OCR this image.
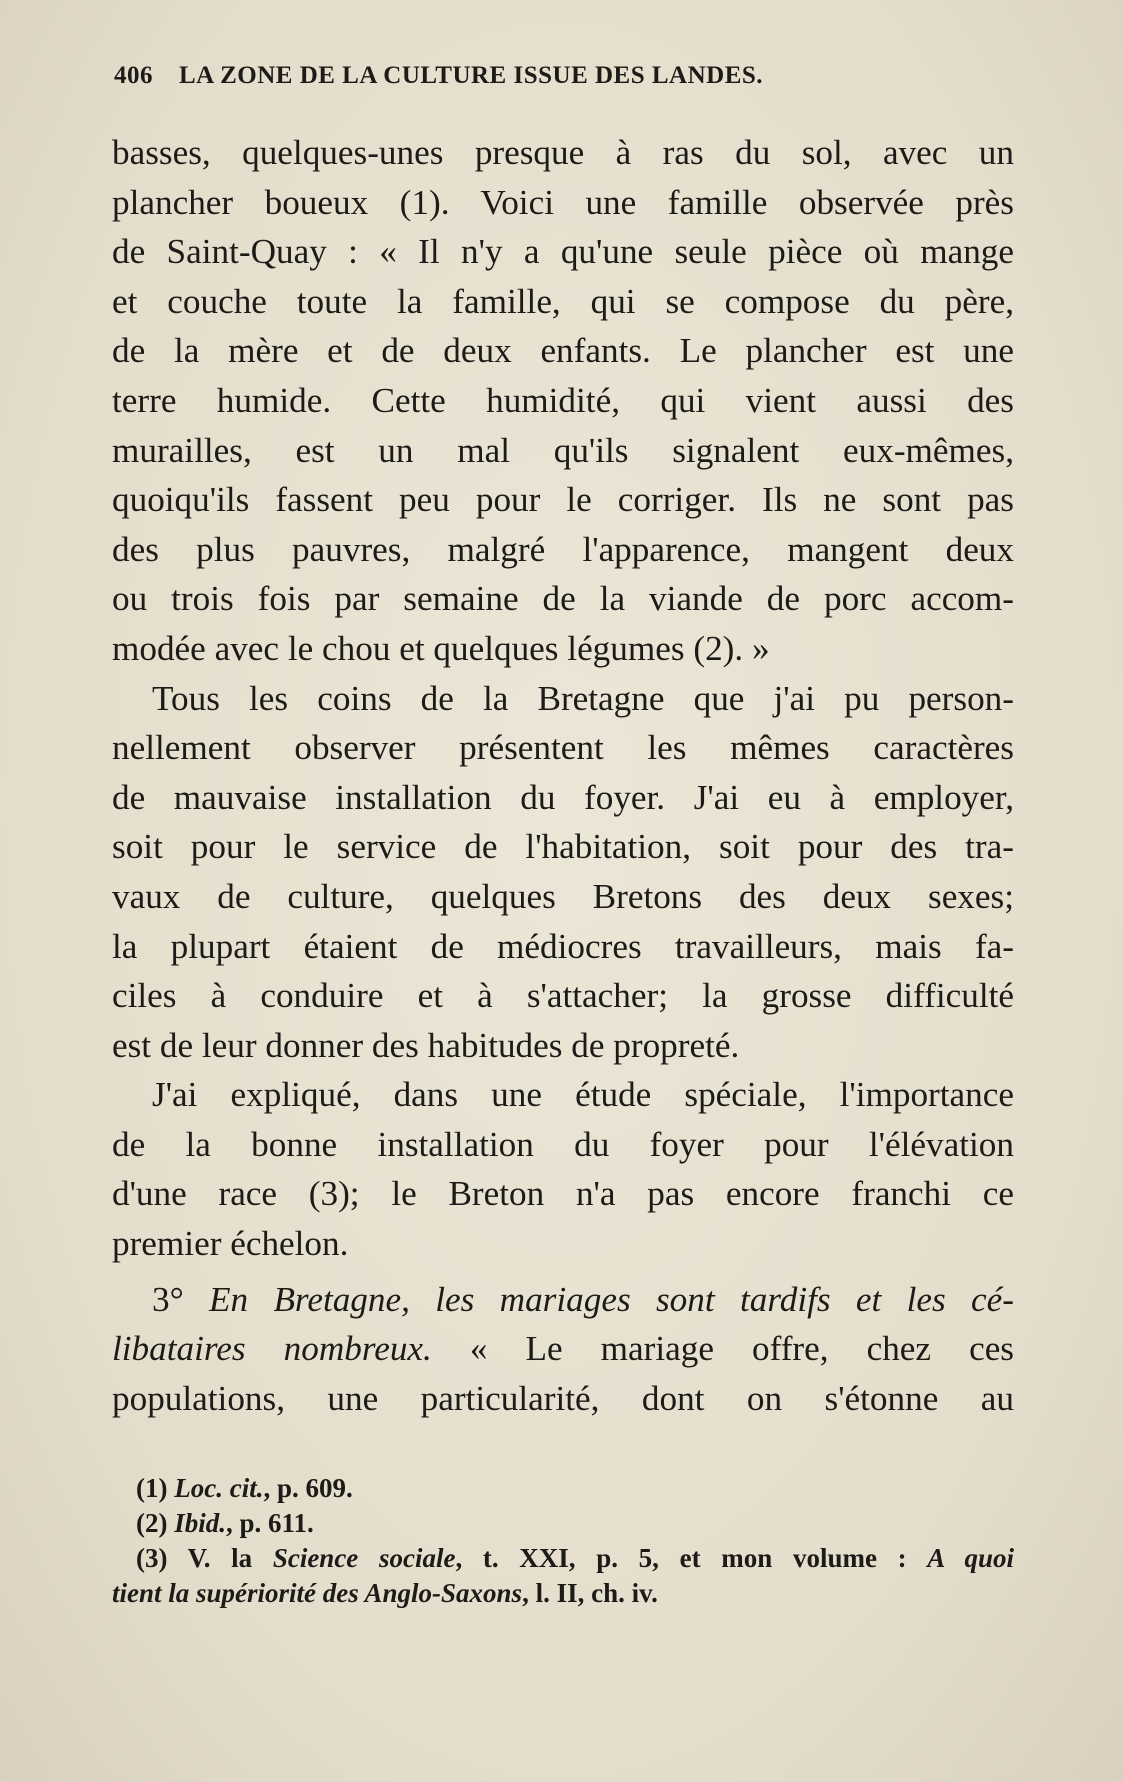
406 LA ZONE DE LA CULTURE ISSUE DES LANDES.
basses, quelques-unes presque à ras du sol, avec un
plancher boueux (1). Voici une famille observée près
de Saint-Quay : « Il n'y a qu'une seule pièce où mange
et couche toute la famille, qui se compose du père,
de la mère et de deux enfants. Le plancher est une
terre humide. Cette humidité, qui vient aussi des
murailles, est un mal qu'ils signalent eux-mêmes,
quoiqu'ils fassent peu pour le corriger. Ils ne sont pas
des plus pauvres, malgré l'apparence, mangent deux
ou trois fois par semaine de la viande de porc accom-
modée avec le chou et quelques légumes (2). »
Tous les coins de la Bretagne que j'ai pu person-
nellement observer présentent les mêmes caractères
de mauvaise installation du foyer. J'ai eu à employer,
soit pour le service de l'habitation, soit pour des tra-
vaux de culture, quelques Bretons des deux sexes;
la plupart étaient de médiocres travailleurs, mais fa-
ciles à conduire et à s'attacher; la grosse difficulté
est de leur donner des habitudes de propreté.
J'ai expliqué, dans une étude spéciale, l'importance
de la bonne installation du foyer pour l'élévation
d'une race (3); le Breton n'a pas encore franchi ce
premier échelon.
3° En Bretagne, les mariages sont tardifs et les cé-
libataires nombreux. « Le mariage offre, chez ces
populations, une particularité, dont on s'étonne au
(1) Loc. cit., p. 609.
(2) Ibid., p. 611.
(3) V. la Science sociale, t. XXI, p. 5, et mon volume : A quoi
tient la supériorité des Anglo-Saxons, l. II, ch. iv.
